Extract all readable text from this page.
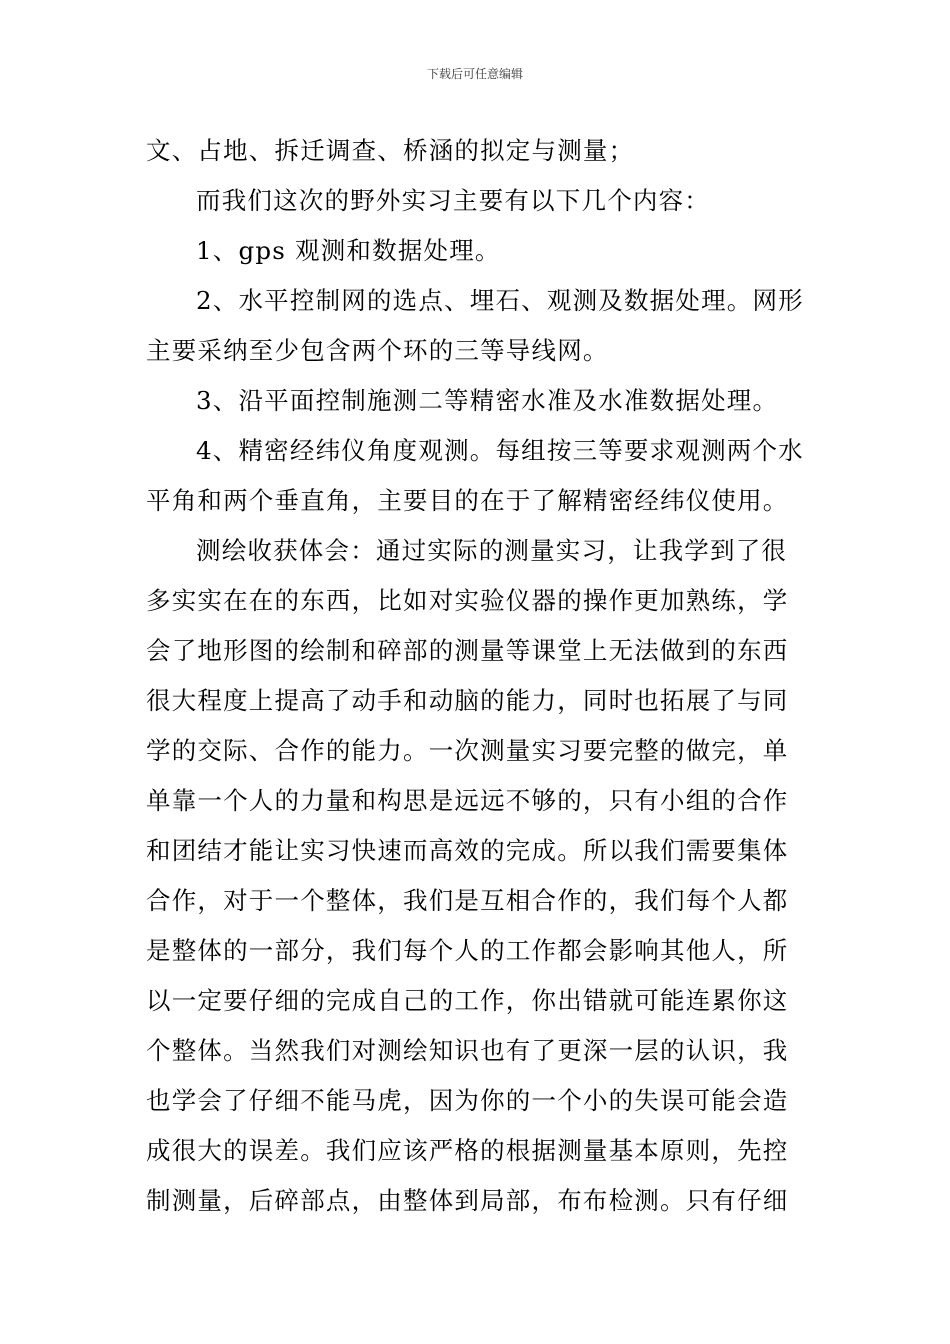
下载后可任意编辑

文、占地、拆迁调查、桥涵的拟定与测量；

而我们这次的野外实习主要有以下几个内容：

1、gps 观测和数据处理。

2、水平控制网的选点、埋石、观测及数据处理。网形
主要采纳至少包含两个环的三等导线网。

3、沿平面控制施测二等精密水准及水准数据处理。

4、精密经纬仪角度观测。每组按三等要求观测两个水
平角和两个垂直角，主要目的在于了解精密经纬仪使用。

测绘收获体会：通过实际的测量实习，让我学到了很
多实实在在的东西，比如对实验仪器的操作更加熟练，学
会了地形图的绘制和碎部的测量等课堂上无法做到的东西
很大程度上提高了动手和动脑的能力，同时也拓展了与同
学的交际、合作的能力。一次测量实习要完整的做完，单
单靠一个人的力量和构思是远远不够的，只有小组的合作
和团结才能让实习快速而高效的完成。所以我们需要集体
合作，对于一个整体，我们是互相合作的，我们每个人都
是整体的一部分，我们每个人的工作都会影响其他人，所
以一定要仔细的完成自己的工作，你出错就可能连累你这
个整体。当然我们对测绘知识也有了更深一层的认识，我
也学会了仔细不能马虎，因为你的一个小的失误可能会造
成很大的误差。我们应该严格的根据测量基本原则，先控
制测量，后碎部点，由整体到局部，布布检测。只有仔细
